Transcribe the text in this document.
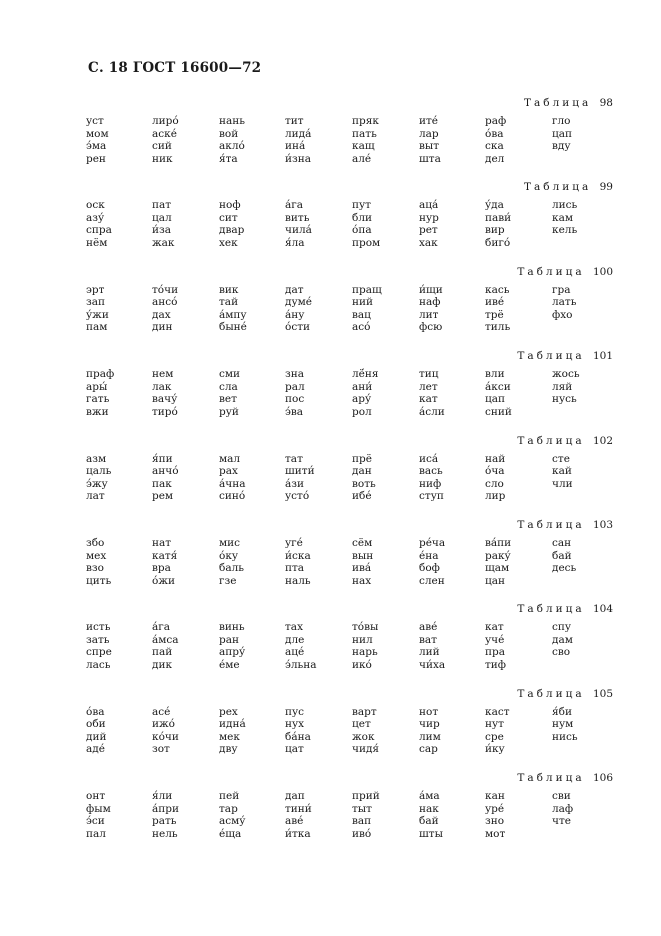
С. 18 ГОСТ 16600—72
Таблица 98
уст
мом
э́ма
рен
лиро́
аске́
сий
ник
нань
вой
акло́
я́та
тит
лида́
ина́
и́зна
пряк
пать
кащ
але́
ите́
лар
выт
шта
раф
о́ва
ска
дел
гло
цап
вду
Таблица 99
оск
азу́
спра
нём
пат
цал
и́за
жак
ноф
сит
двар
хек
а́га
вить
чила́
я́ла
пут
бли
о́па
пром
аца́
нур
рет
хак
у́да
пави́
вир
биго́
лись
кам
кель
Таблица 100
эрт
зап
у́жи
пам
то́чи
ансо́
дах
дин
вик
тай
а́мпу
быне́
дат
думе́
а́ну
о́сти
пращ
ний
вац
асо́
и́щи
наф
лит
фсю
кась
иве́
трё
тиль
гра
лать
фхо
Таблица 101
праф
ары́
гать
вжи
нем
лак
вачу́
тиро́
сми
сла
вет
руй
зна
рал
пос
э́ва
лё́ня
ани́
ару́
рол
тиц
лет
кат
а́сли
вли
а́кси
цап
сний
жось
ляй
нусь
Таблица 102
азм
цаль
э́жу
лат
я́пи
анчо́
пак
рем
мал
рах
а́чна
сино́
тат
шити́
а́зи
усто́
прё
дан
воть
ибе́
иса́
вась
ниф
ступ
най
о́ча
сло
лир
сте
кай
чли
Таблица 103
збо
мех
взо
цить
нат
катя́
вра
о́жи
мис
о́ку
баль
гзе
уге́
и́ска
пта
наль
сём
вын
ива́
нах
ре́ча
е́на
боф
слен
ва́пи
раку́
щам
цан
сан
бай
десь
Таблица 104
исть
зать
спре
лась
а́га
а́мса
пай
дик
винь
ран
апру́
е́ме
тах
дле
аце́
э́льна
то́вы
нил
нарь
ико́
аве́
ват
лий
чи́ха
кат
уче́
пра
тиф
спу
дам
сво
Таблица 105
о́ва
оби
дий
аде́
асе́
ижо́
ко́чи
зот
рех
идна́
мек
дву
пус
нух
ба́на
цат
варт
цет
жок
чидя́
нот
чир
лим
сар
каст
нут
сре
и́ку
я́би
нум
нись
Таблица 106
онт
фым
э́си
пал
я́ли
а́при
рать
нель
пей
тар
асму́
е́ща
дап
тини́
аве́
и́тка
прий
тыт
вап
иво́
а́ма
нак
бай
шты
кан
уре́
зно
мот
сви
лаф
чте
